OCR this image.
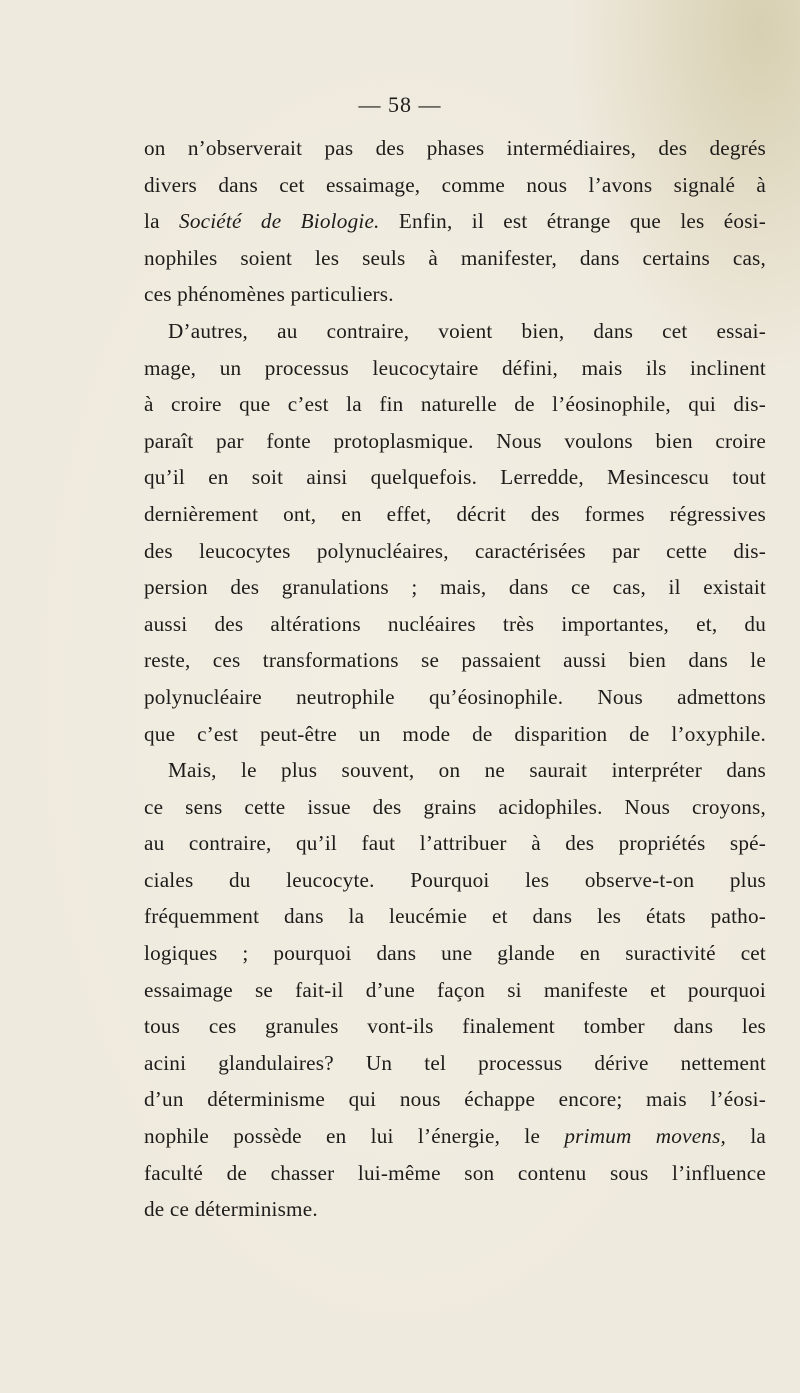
— 58 —
on n’observerait pas des phases intermédiaires, des degrés
divers dans cet essaimage, comme nous l’avons signalé à
la Société de Biologie. Enfin, il est étrange que les éosi-
nophiles soient les seuls à manifester, dans certains cas,
ces phénomènes particuliers.
D’autres, au contraire, voient bien, dans cet essai-
mage, un processus leucocytaire défini, mais ils inclinent
à croire que c’est la fin naturelle de l’éosinophile, qui dis-
paraît par fonte protoplasmique. Nous voulons bien croire
qu’il en soit ainsi quelquefois. Lerredde, Mesincescu tout
dernièrement ont, en effet, décrit des formes régressives
des leucocytes polynucléaires, caractérisées par cette dis-
persion des granulations ; mais, dans ce cas, il existait
aussi des altérations nucléaires très importantes, et, du
reste, ces transformations se passaient aussi bien dans le
polynucléaire neutrophile qu’éosinophile. Nous admettons
que c’est peut-être un mode de disparition de l’oxyphile.
Mais, le plus souvent, on ne saurait interpréter dans
ce sens cette issue des grains acidophiles. Nous croyons,
au contraire, qu’il faut l’attribuer à des propriétés spé-
ciales du leucocyte. Pourquoi les observe-t-on plus
fréquemment dans la leucémie et dans les états patho-
logiques ; pourquoi dans une glande en suractivité cet
essaimage se fait-il d’une façon si manifeste et pourquoi
tous ces granules vont-ils finalement tomber dans les
acini glandulaires? Un tel processus dérive nettement
d’un déterminisme qui nous échappe encore; mais l’éosi-
nophile possède en lui l’énergie, le primum movens, la
faculté de chasser lui-même son contenu sous l’influence
de ce déterminisme.
